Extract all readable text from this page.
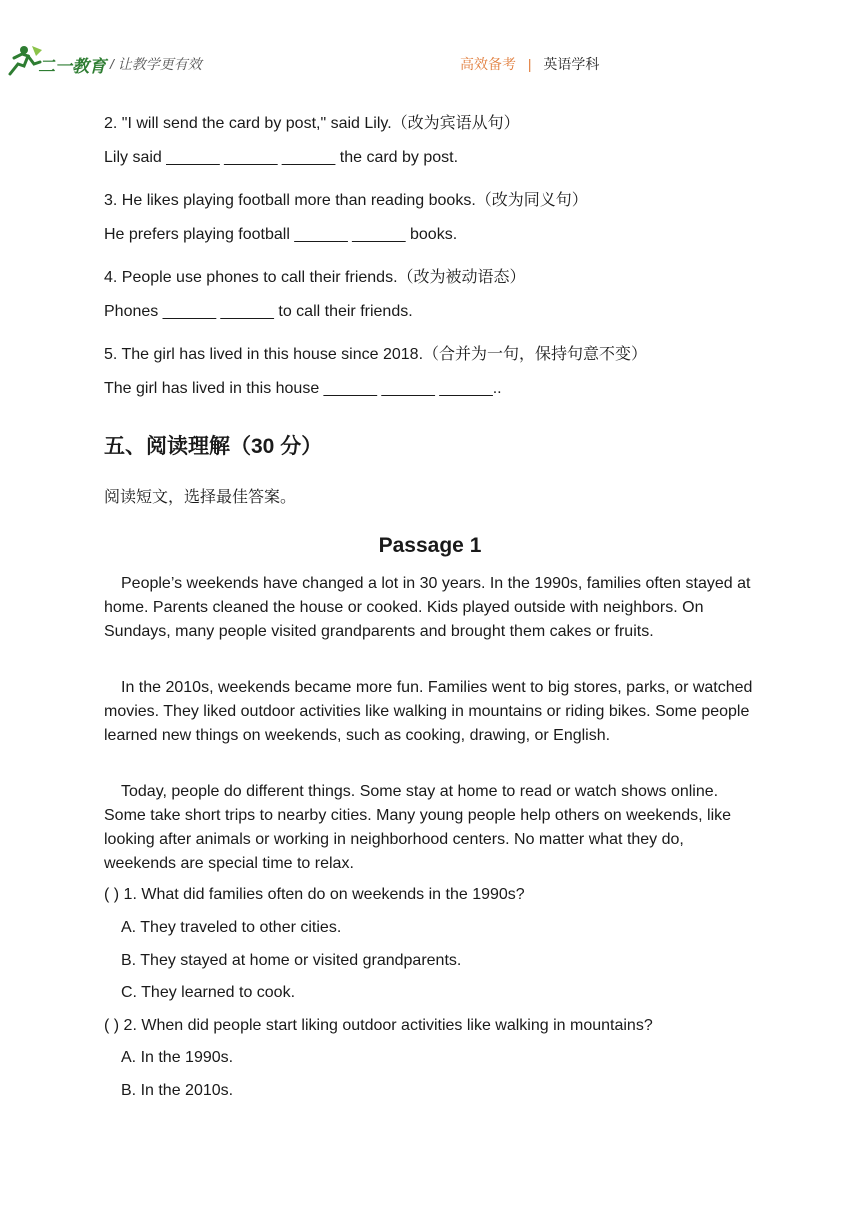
二一教育 / 让教学更有效	高效备考 | 英语学科
2. "I will send the card by post," said Lily.（改为宾语从句）
Lily said ______ ______ ______ the card by post.
3. He likes playing football more than reading books.（改为同义句）
He prefers playing football ______ ______ books.
4. People use phones to call their friends.（改为被动语态）
Phones ______ ______ to call their friends.
5. The girl has lived in this house since 2018.（合并为一句，保持句意不变）
The girl has lived in this house ______ ______ ______..
五、阅读理解（30 分）
阅读短文，选择最佳答案。
Passage 1
People’s weekends have changed a lot in 30 years. In the 1990s, families often stayed at home. Parents cleaned the house or cooked. Kids played outside with neighbors. On Sundays, many people visited grandparents and brought them cakes or fruits.
In the 2010s, weekends became more fun. Families went to big stores, parks, or watched movies. They liked outdoor activities like walking in mountains or riding bikes. Some people learned new things on weekends, such as cooking, drawing, or English.
Today, people do different things. Some stay at home to read or watch shows online. Some take short trips to nearby cities. Many young people help others on weekends, like looking after animals or working in neighborhood centers. No matter what they do, weekends are special time to relax.
( ) 1. What did families often do on weekends in the 1990s?
A. They traveled to other cities.
B. They stayed at home or visited grandparents.
C. They learned to cook.
( ) 2. When did people start liking outdoor activities like walking in mountains?
A. In the 1990s.
B. In the 2010s.
